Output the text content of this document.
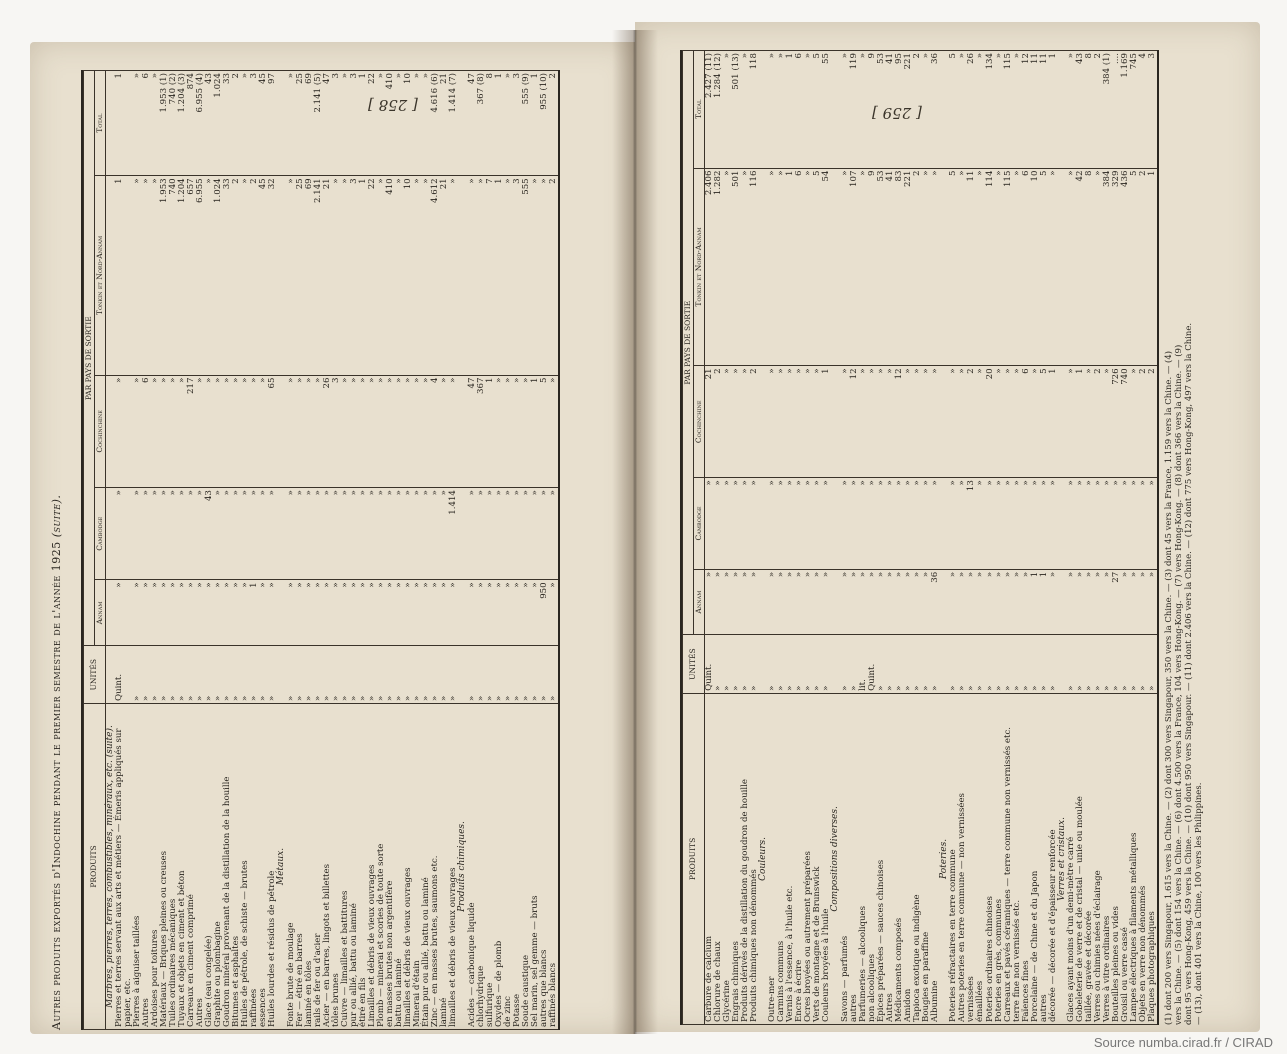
[ 258 ]	[ 259 ]
Autres produits exportés d'Indochine pendant le premier semestre de l'année 1925 (suite).
PRODUITS	UNITÉS	PAR PAYS DE SORTIE				
		Annam	Cambodge	Cochinchine	Tonkin et Nord-Annam	Total
Marbres, pierres, terres, combustibles, minéraux, etc. (suite).						
Pierres et terres servant aux arts et métiers — Émeris appliqués sur papier, etc.	Quint.	»	»	»	1	1
Pierres à aiguiser taillées	»	»	»	»	»	»
Autres	»	»	»	6	»	6
Ardoises pour toitures	»	»	»	»	»	»
Matériaux — Briques pleines ou creuses	»	»	»	»	1.953	1.953 (1)
Tuiles ordinaires mécaniques	»	»	»	»	740	740 (2)
Tuyaux et objets en ciment et béton	»	»	»	»	1.204	1.204 (3)
Carreaux en ciment comprimé	»	»	»	217	657	874
Autres	»	»	»	»	6.955	6.955 (4)
Glace (eau congelée)	»	»	43	»	»	43
Graphite ou plombagine	»	»	»	»	1.024	1.024
Goudron minéral provenant de la distillation de la houille	»	»	»	»	33	33
Bitumes et asphaltes	»	»	»	»	2	2
Huiles de pétrole, de schiste — brutes	»	»	»	»	»	»
raffinées	»	1	»	»	2	3
essences	»	»	»	»	45	45
Huiles lourdes et résidus de pétrole	»	»	»	65	32	97
Métaux.						
Fonte brute de moulage	»	»	»	»	»	»
Fer — étiré en barres	»	»	»	»	25	25
laminé en tôles	»	»	»	»	69	69
rails de fer ou d'acier	»	»	»	»	2.141	2.141 (5)
Acier — en barres, lingots et billettes	»	»	»	26	21	47
tôles brunes	»	»	»	3	»	3
Cuivre — limailles et battitures	»	»	»	»	»	»
pur ou allié, battu ou laminé	»	»	»	»	3	3
étiré en fils	»	»	»	»	1	1
Limailles et débris de vieux ouvrages	»	»	»	»	22	22
Plomb — minerai et scories de toute sorte	»	»	»	»	»	»
en masses brutes non argentifère	»	»	»	»	410	410
battu ou laminé	»	»	»	»	»	»
limailles et débris de vieux ouvrages	»	»	»	»	10	10
Minerai d'étain	»	»	»	»	»	»
Étain pur ou allié, battu ou laminé	»	»	»	»	»	»
Zinc — en masses brutes, saumons etc.	»	»	»	4	4.612	4.616 (6)
laminé	»	»	»	»	21	21
limailles et débris de vieux ouvrages	»	»	1.414	»	»	1.414 (7)
Produits chimiques.						
Acides — carbonique liquide	»	»	»	47	»	47
chlorhydrique	»	»	»	367	»	367 (8)
sulfurique	»	»	»	1	7	8
Oxydes — de plomb	»	»	»	»	1	1
de zinc	»	»	»	»	»	»
Potasse	»	»	»	»	3	3
Soude caustique	»	»	»	»	555	555 (9)
Sel marin, sel gemme — bruts	»	»	»	1	»	1
autres que blancs	»	950	»	5	»	955 (10)
raffinés blancs	»	»	»	»	2	2
PRODUITS	UNITÉS	PAR PAYS DE SORTIE				
		Annam	Cambodge	Cochinchine	Tonkin et Nord-Annam	Total
Carbure de calcium	Quint.	»	»	21	2.406	2.427 (11)
Chlorure de chaux	»	»	»	2	1.282	1.284 (12)
Glycérine	»	»	»	»	»	»
Engrais chimiques	»	»	»	»	501	501 (13)
Produits dérivés de la distillation du goudron de houille	»	»	»	»	»	»
Produits chimiques non dénommés	»	»	»	2	116	118
Couleurs.						
Outre-mer	»	»	»	»	»	»
Carmins communs	»	»	»	»	»	»
Vernis à l'essence, à l'huile etc.	»	»	»	»	1	1
Encre à écrire	»	»	»	»	6	6
Ocres broyées ou autrement préparées	»	»	»	»	»	»
Verts de montagne et de Brunswick	»	»	»	»	5	5
Couleurs broyées à l'huile	»	»	»	1	54	55
Compositions diverses.						
Savons — parfumés	»	»	»	»	»	»
autres	»	»	»	12	107	119
Parfumeries — alcooliques	lit.	»	»	»	»	»
non alcooliques	Quint.	»	»	»	9	9
Épices préparées — sauces chinoises	»	»	»	»	53	53
Autres	»	»	»	»	41	41
Médicaments composés	»	»	»	12	83	95
Amidon	»	»	»	»	221	221
Tapioca exotique ou indigène	»	»	»	»	2	2
Bougies en paraffine	»	»	»	»	»	»
Albumine	»	36	»	»	»	36
Poteries.						
Poteries réfractaires en terre commune	»	»	»	»	5	5
Autres poteries en terre commune — non vernissées	»	»	»	»	»	»
vernissées	»	»	13	2	11	26
émaillées	»	»	»	»	»	»
Poteries ordinaires chinoises	»	»	»	20	114	134
Poteries en grès, communes	»	»	»	»	»	»
Carreaux et pavés céramiques — terre commune non vernissés etc.	»	»	»	»	115	115
terre fine non vernissés etc.	»	»	»	»	»	»
Faïences fines	»	»	»	6	6	12
Porcelaine — de Chine et du Japon	»	1	»	»	10	11
autres	»	1	»	5	5	11
décorée — décorée et d'épaisseur renforcée	»	»	»	1	»	1
Verres et cristaux.						
Glaces ayant moins d'un demi-mètre carré	»	»	»	»	»	»
Gobeleterie de verre et de cristal — unie ou moulée	»	»	»	1	42	43
taillée, gravée et décorée	»	»	»	»	8	8
Verres ou chimies nées d'éclairage	»	»	»	2	»	2
Verres à vitre ordinaires	»	»	»	»	384	384 (1)
Bouteilles pleines ou vides	»	27	»	726	329	....
Groisil ou verre cassé	»	»	»	740	436	1.169
Lampes électriques à filaments métalliques	»	»	»	»	5	745
Objets en verre non dénommés	»	»	»	2	2	4
Plaques photographiques	»	»	»	2	1	3
(1) dont 200 vers Singapour, 1.615 vers la Chine. — (2) dont 300 vers Singapour, 350 vers la Chine. — (3) dont 45 vers la France, 1.159 vers la Chine. — (4) vers la Chine. — (5) dont 154 vers la Chine. — (6) dont 4.500 vers la France, 104 vers Hong-Kong. — (7) vers Hong-Kong. — (8) dont 366 vers la Chine. — (9) dont 95 vers Hong-Kong, 459 vers la Chine. — (10) dont 950 vers Singapour. — (11) dont 2.406 vers la Chine. — (12) dont 775 vers Hong-Kong, 497 vers la Chine. — (13), dont 401 vers la Chine, 100 vers les Philippines.
Source numba.cirad.fr / CIRAD
